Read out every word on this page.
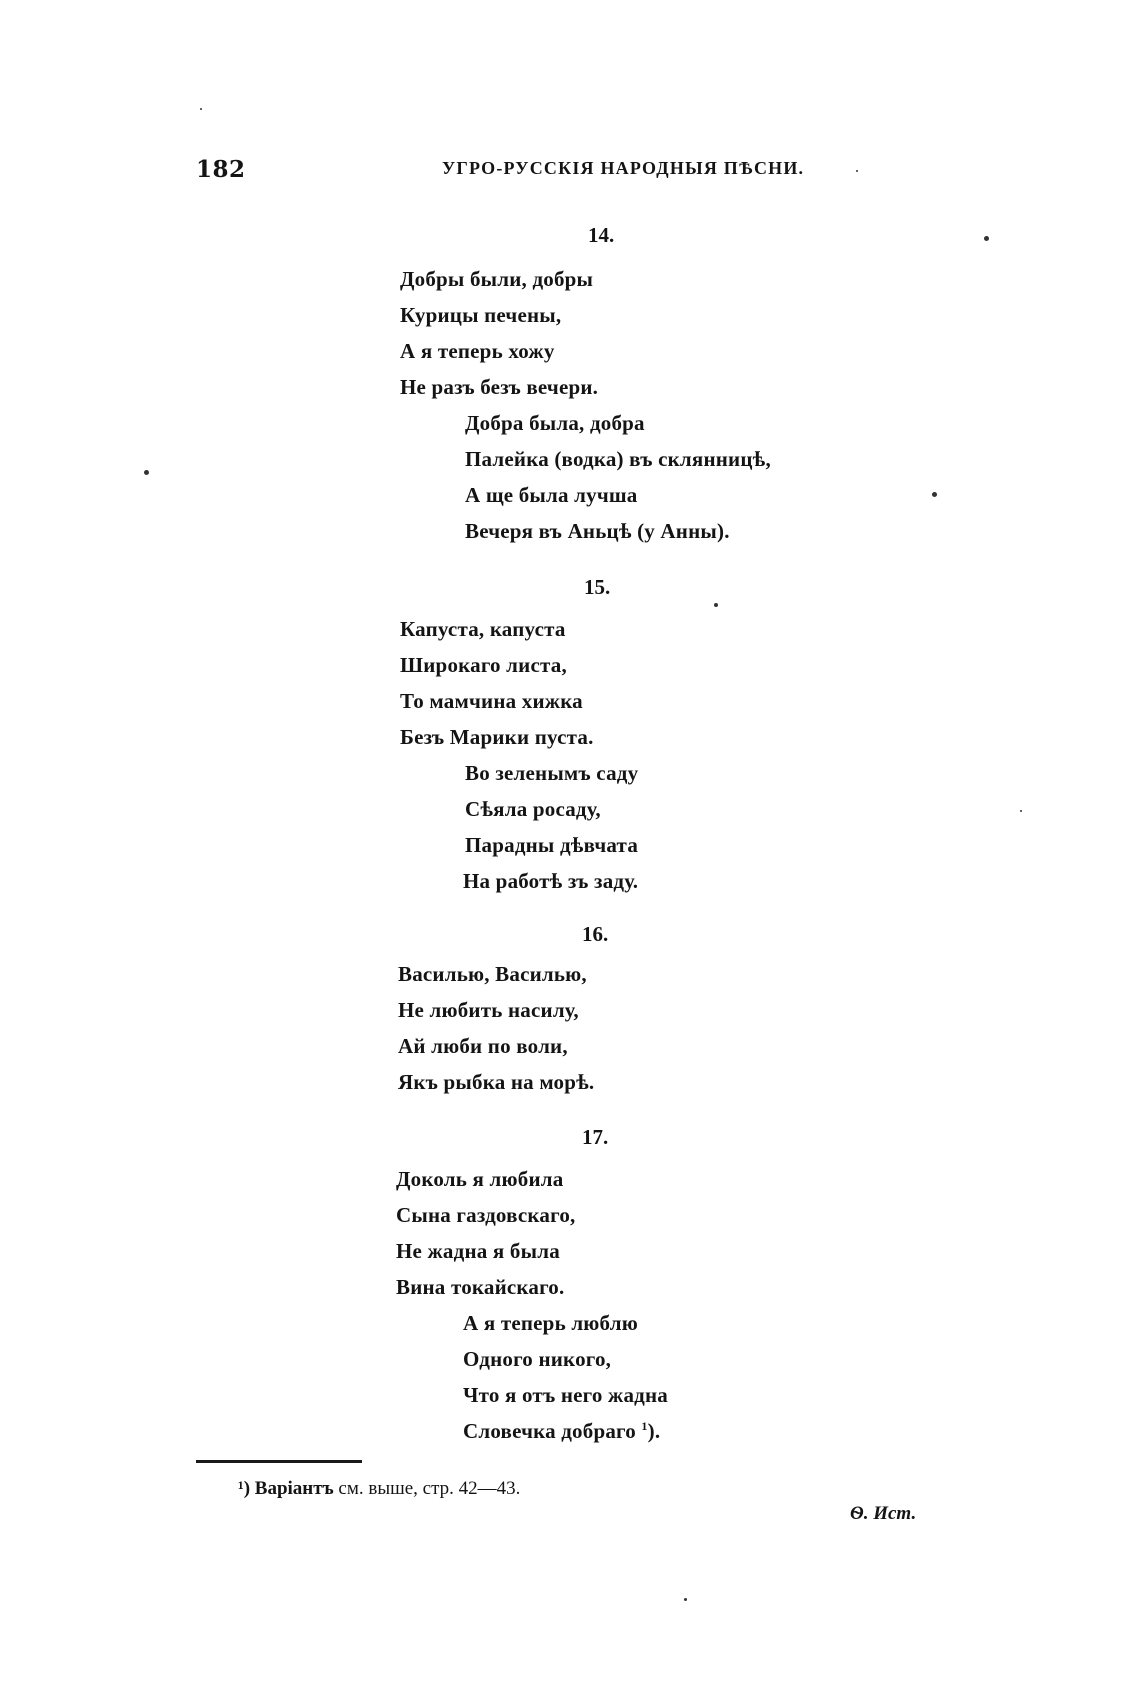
182	УГРО-РУССКІЯ НАРОДНЫЯ ПѢСНИ.
14.
Добры были, добры
Курицы печены,
А я теперь хожу
Не разъ безъ вечери.
Добра была, добра
Палейка (водка) въ склянницѣ,
А ще была лучша
Вечеря въ Аньцѣ (у Анны).
15.
Капуста, капуста
Широкаго листа,
То мамчина хижка
Безъ Марики пуста.
Во зеленымъ саду
Сѣяла росаду,
Парадны дѣвчата
На работѣ зъ заду.
16.
Василью, Василью,
Не любить насилу,
Ай люби по воли,
Якъ рыбка на морѣ.
17.
Доколь я любила
Сына газдовскаго,
Не жадна я была
Вина токайскаго.
А я теперь люблю
Одного никого,
Что я отъ него жадна
Словечка добраго $^1$).
¹) Варіантъ см. выше, стр. 42—43.
Ѳ. Ист.
